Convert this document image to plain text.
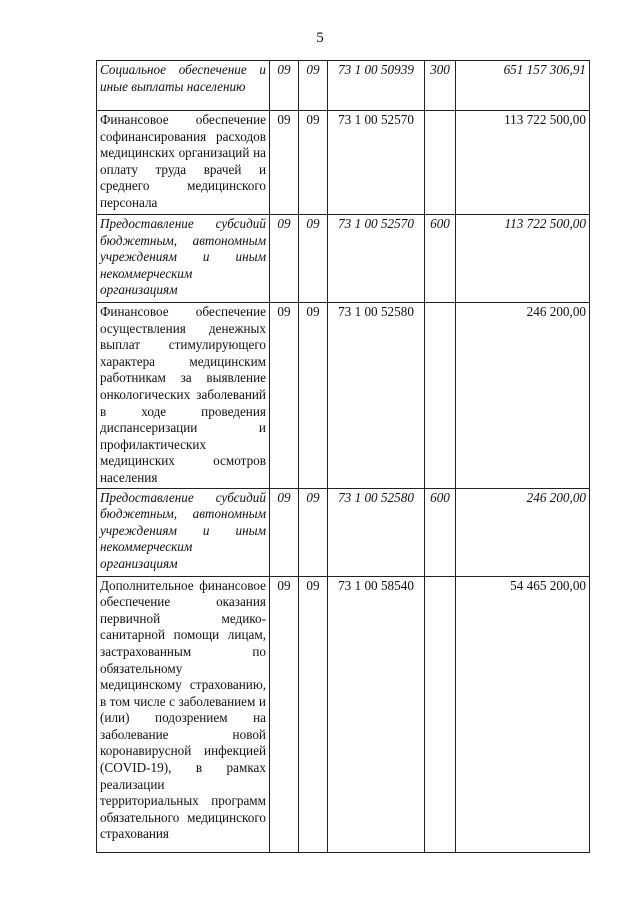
5
Социальное обеспечение и иные выплаты населению	09	09	73 1 00 50939	300	651 157 306,91
Финансовое обеспечение софинансирования расходов медицинских организаций на оплату труда врачей и среднего медицинского персонала	09	09	73 1 00 52570		113 722 500,00
Предоставление субсидий бюджетным, автономным учреждениям и иным некоммерческим организациям	09	09	73 1 00 52570	600	113 722 500,00
Финансовое обеспечение осуществления денежных выплат стимулирующего характера медицинским работникам за выявление онкологических заболеваний в ходе проведения диспансеризации и профилактических медицинских осмотров населения	09	09	73 1 00 52580		246 200,00
Предоставление субсидий бюджетным, автономным учреждениям и иным некоммерческим организациям	09	09	73 1 00 52580	600	246 200,00
Дополнительное финансовое обеспечение оказания первичной медико-санитарной помощи лицам, застрахованным по обязательному медицинскому страхованию, в том числе с заболеванием и (или) подозрением на заболевание новой коронавирусной инфекцией (COVID-19), в рамках реализации территориальных программ обязательного медицинского страхования	09	09	73 1 00 58540		54 465 200,00
